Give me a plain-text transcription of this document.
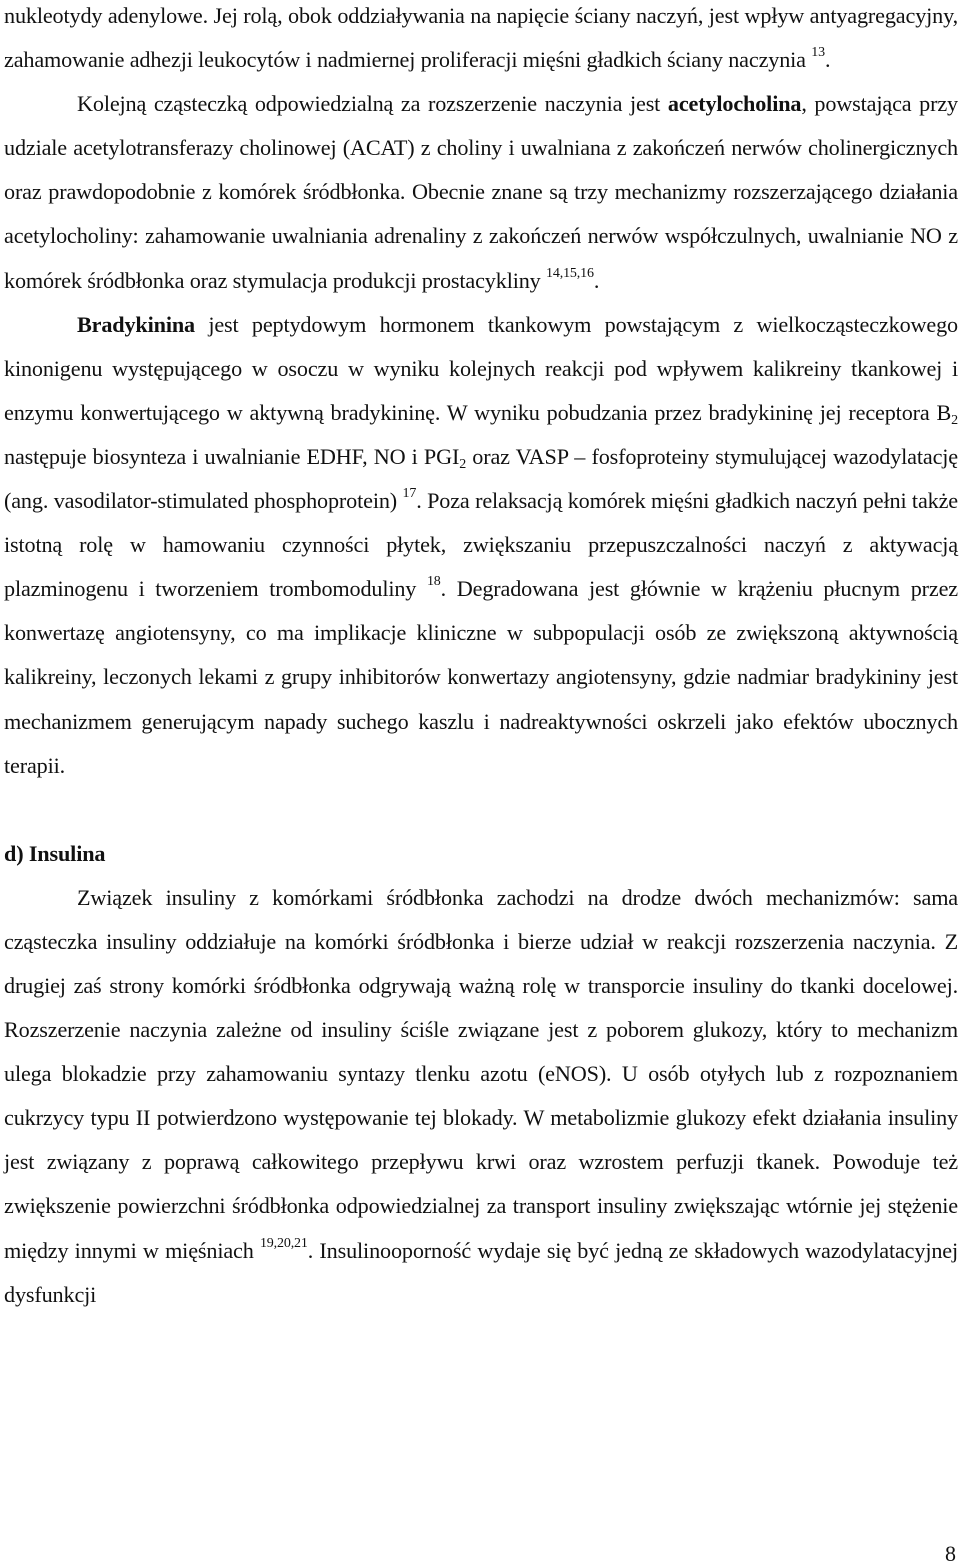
nukleotydy adenylowe. Jej rolą, obok oddziaływania na napięcie ściany naczyń, jest wpływ antyagregacyjny, zahamowanie adhezji leukocytów i nadmiernej proliferacji mięśni gładkich ściany naczynia $^{13}$.

Kolejną cząsteczką odpowiedzialną za rozszerzenie naczynia jest acetylocholina, powstająca przy udziale acetylotransferazy cholinowej (ACAT) z choliny i uwalniana z zakończeń nerwów cholinergicznych oraz prawdopodobnie z komórek śródbłonka. Obecnie znane są trzy mechanizmy rozszerzającego działania acetylocholiny: zahamowanie uwalniania adrenaliny z zakończeń nerwów współczulnych, uwalnianie NO z komórek śródbłonka oraz stymulacja produkcji prostacykliny $^{14,15,16}$.

Bradykinina jest peptydowym hormonem tkankowym powstającym z wielkocząsteczkowego kinonigenu występującego w osoczu w wyniku kolejnych reakcji pod wpływem kalikreiny tkankowej i enzymu konwertującego w aktywną bradykininę. W wyniku pobudzania przez bradykininę jej receptora $B_2$ następuje biosynteza i uwalnianie EDHF, NO i $PGI_2$ oraz VASP – fosfoproteiny stymulującej wazodylatację (ang. vasodilator-stimulated phosphoprotein) $^{17}$. Poza relaksacją komórek mięśni gładkich naczyń pełni także istotną rolę w hamowaniu czynności płytek, zwiększaniu przepuszczalności naczyń z aktywacją plazminogenu i tworzeniem trombomoduliny $^{18}$. Degradowana jest głównie w krążeniu płucnym przez konwertazę angiotensyny, co ma implikacje kliniczne w subpopulacji osób ze zwiększoną aktywnością kalikreiny, leczonych lekami z grupy inhibitorów konwertazy angiotensyny, gdzie nadmiar bradykininy jest mechanizmem generującym napady suchego kaszlu i nadreaktywności oskrzeli jako efektów ubocznych terapii.

d) Insulina

Związek insuliny z komórkami śródbłonka zachodzi na drodze dwóch mechanizmów: sama cząsteczka insuliny oddziałuje na komórki śródbłonka i bierze udział w reakcji rozszerzenia naczynia. Z drugiej zaś strony komórki śródbłonka odgrywają ważną rolę w transporcie insuliny do tkanki docelowej. Rozszerzenie naczynia zależne od insuliny ściśle związane jest z poborem glukozy, który to mechanizm ulega blokadzie przy zahamowaniu syntazy tlenku azotu (eNOS). U osób otyłych lub z rozpoznaniem cukrzycy typu II potwierdzono występowanie tej blokady. W metabolizmie glukozy efekt działania insuliny jest związany z poprawą całkowitego przepływu krwi oraz wzrostem perfuzji tkanek. Powoduje też zwiększenie powierzchni śródbłonka odpowiedzialnej za transport insuliny zwiększając wtórnie jej stężenie między innymi w mięśniach $^{19,20,21}$. Insulinooporność wydaje się być jedną ze składowych wazodylatacyjnej dysfunkcji

8
